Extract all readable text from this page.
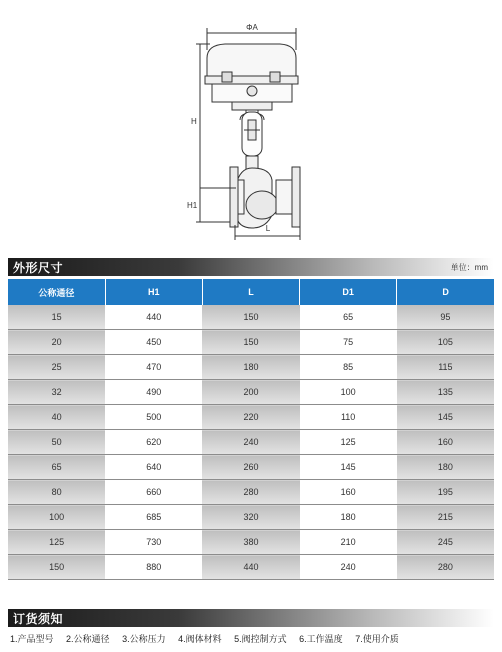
ΦA
H
H1
L
外形尺寸	单位：mm
公称通径	H1	L	D1	D
15	440	150	65	95
20	450	150	75	105
25	470	180	85	115
32	490	200	100	135
40	500	220	110	145
50	620	240	125	160
65	640	260	145	180
80	660	280	160	195
100	685	320	180	215
125	730	380	210	245
150	880	440	240	280
订货须知
1.产品型号 2.公称通径 3.公称压力 4.阀体材料 5.阀控制方式 6.工作温度 7.使用介质
